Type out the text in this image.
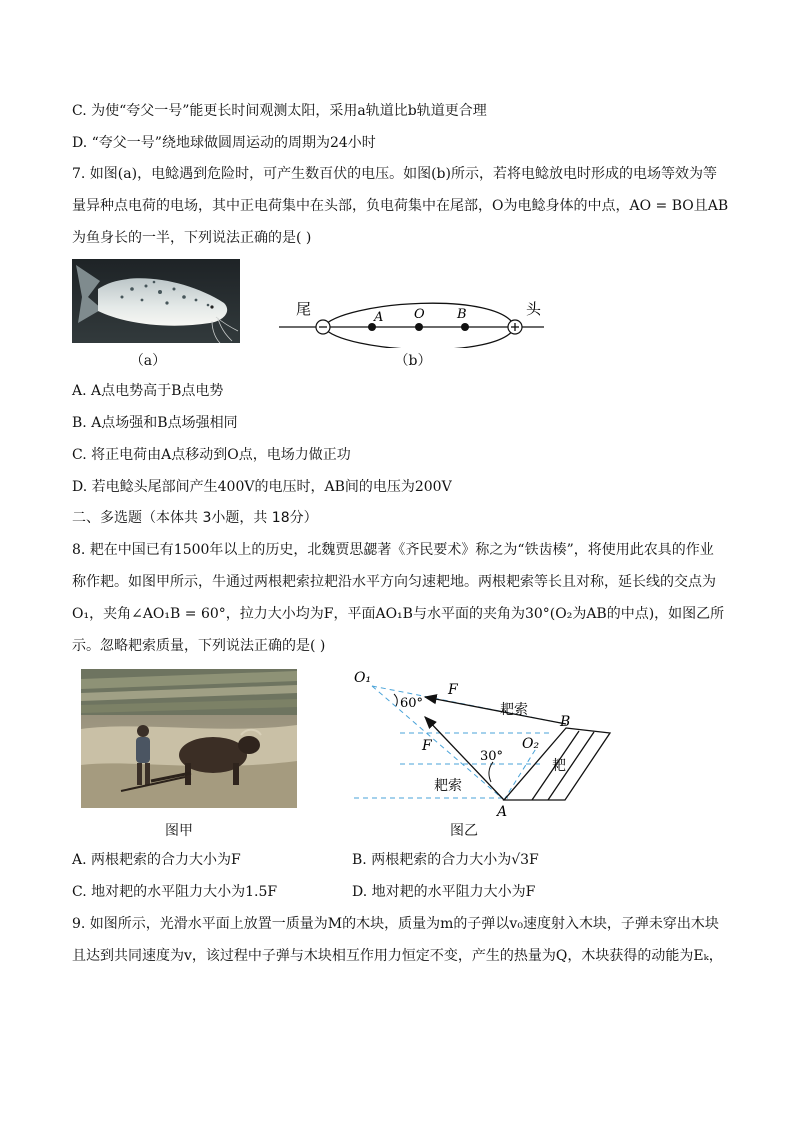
C. 为使“夸父一号”能更长时间观测太阳，采用a轨道比b轨道更合理
D. “夸父一号”绕地球做圆周运动的周期为24小时
7. 如图(a)，电鲶遇到危险时，可产生数百伏的电压。如图(b)所示，若将电鲶放电时形成的电场等效为等
量异种点电荷的电场，其中正电荷集中在头部，负电荷集中在尾部，O为电鲶身体的中点，AO = BO且AB
为鱼身长的一半，下列说法正确的是( )
（a）
尾	头
A O B
（b）
A. A点电势高于B点电势
B. A点场强和B点场强相同
C. 将正电荷由A点移动到O点，电场力做正功
D. 若电鲶头尾部间产生400V的电压时，AB间的电压为200V
二、多选题（本体共 3小题，共 18分）
8. 耙在中国已有1500年以上的历史，北魏贾思勰著《齐民要术》称之为“铁齿楱”，将使用此农具的作业
称作耙。如图甲所示，牛通过两根耙索拉耙沿水平方向匀速耙地。两根耙索等长且对称，延长线的交点为
O₁，夹角∠AO₁B = 60°，拉力大小均为F，平面AO₁B与水平面的夹角为30°(O₂为AB的中点)，如图乙所
示。忽略耙索质量，下列说法正确的是( )
图甲
O₁
60°
F
耙索
B
F
30°
O₂
耙
耙索
A
图乙
A. 两根耙索的合力大小为F	B. 两根耙索的合力大小为√3F
C. 地对耙的水平阻力大小为1.5F	D. 地对耙的水平阻力大小为F
9. 如图所示，光滑水平面上放置一质量为M的木块，质量为m的子弹以v₀速度射入木块，子弹未穿出木块
且达到共同速度为v，该过程中子弹与木块相互作用力恒定不变，产生的热量为Q，木块获得的动能为Eₖ，
